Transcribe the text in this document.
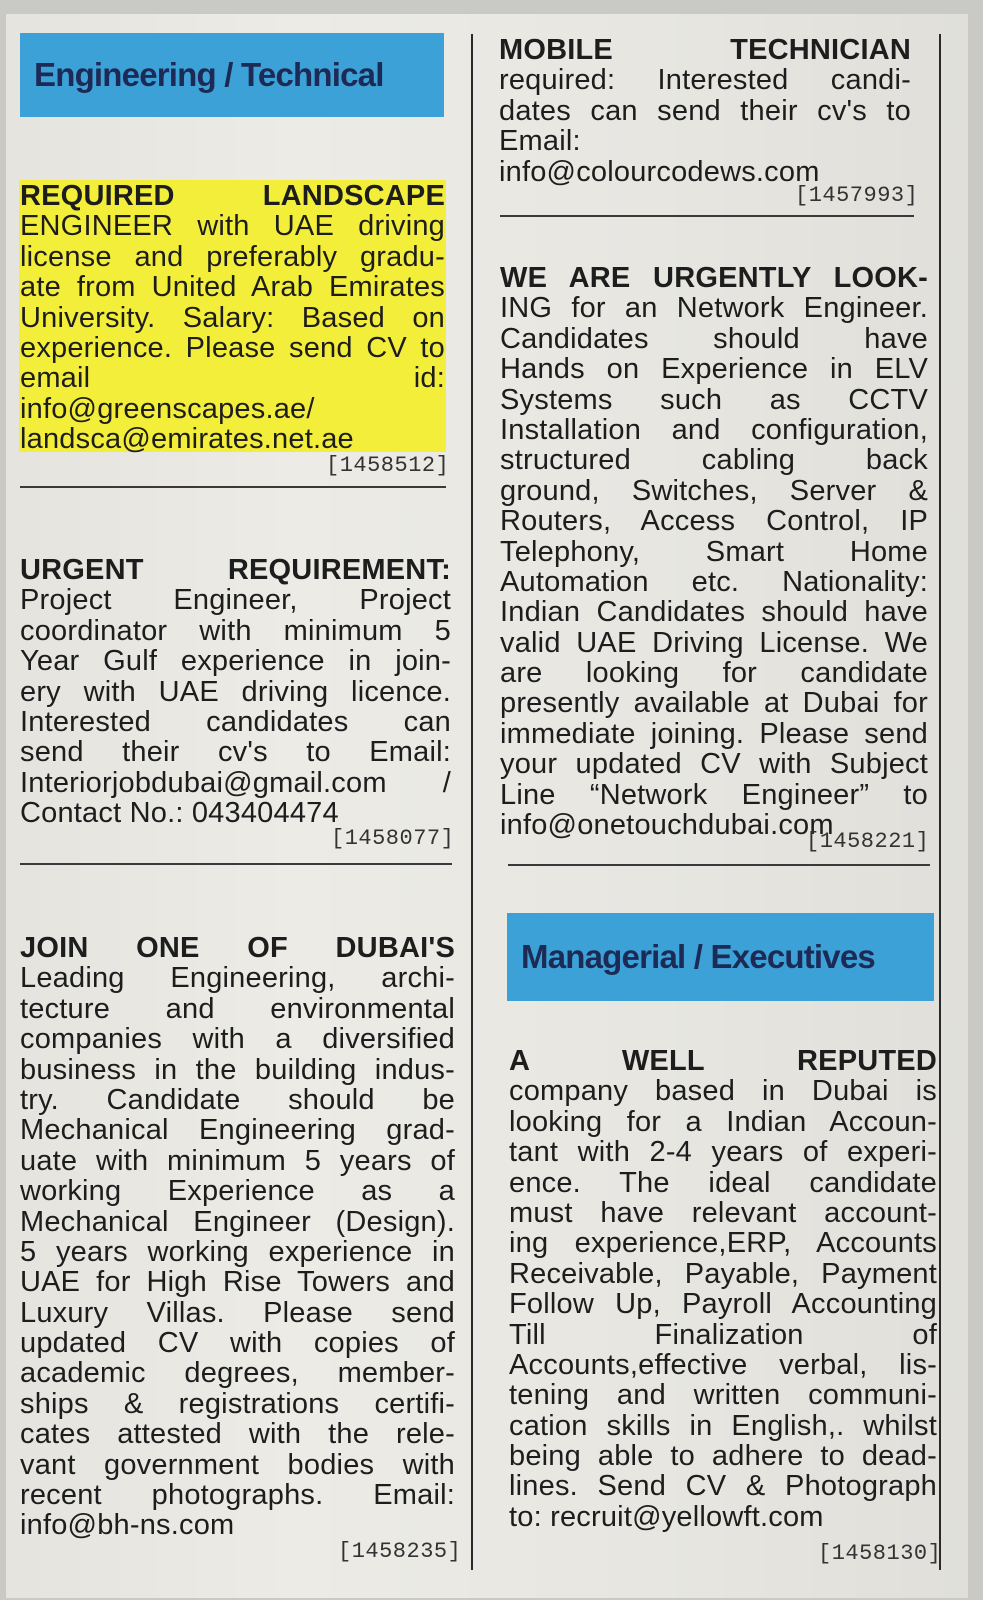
Engineering / Technical
REQUIRED LANDSCAPE
ENGINEER with UAE driving
license and preferably gradu-
ate from United Arab Emirates
University. Salary: Based on
experience. Please send CV to
email id:
info@greenscapes.ae/
landsca@emirates.net.ae
[1458512]
URGENT REQUIREMENT:
Project Engineer, Project
coordinator with minimum 5
Year Gulf experience in join-
ery with UAE driving licence.
Interested candidates can
send their cv's to Email:
Interiorjobdubai@gmail.com /
Contact No.: 043404474
[1458077]
JOIN ONE OF DUBAI'S
Leading Engineering, archi-
tecture and environmental
companies with a diversified
business in the building indus-
try. Candidate should be
Mechanical Engineering grad-
uate with minimum 5 years of
working Experience as a
Mechanical Engineer (Design).
5 years working experience in
UAE for High Rise Towers and
Luxury Villas. Please send
updated CV with copies of
academic degrees, member-
ships & registrations certifi-
cates attested with the rele-
vant government bodies with
recent photographs. Email:
info@bh-ns.com
[1458235]
MOBILE TECHNICIAN
required: Interested candi-
dates can send their cv's to
Email:
info@colourcodews.com
[1457993]
WE ARE URGENTLY LOOK-
ING for an Network Engineer.
Candidates should have
Hands on Experience in ELV
Systems such as CCTV
Installation and configuration,
structured cabling back
ground, Switches, Server &
Routers, Access Control, IP
Telephony, Smart Home
Automation etc. Nationality:
Indian Candidates should have
valid UAE Driving License. We
are looking for candidate
presently available at Dubai for
immediate joining. Please send
your updated CV with Subject
Line “Network Engineer” to
info@onetouchdubai.com
[1458221]
Managerial / Executives
A WELL REPUTED
company based in Dubai is
looking for a Indian Accoun-
tant with 2-4 years of experi-
ence. The ideal candidate
must have relevant account-
ing experience,ERP, Accounts
Receivable, Payable, Payment
Follow Up, Payroll Accounting
Till Finalization of
Accounts,effective verbal, lis-
tening and written communi-
cation skills in English,. whilst
being able to adhere to dead-
lines. Send CV & Photograph
to: recruit@yellowft.com
[1458130]
